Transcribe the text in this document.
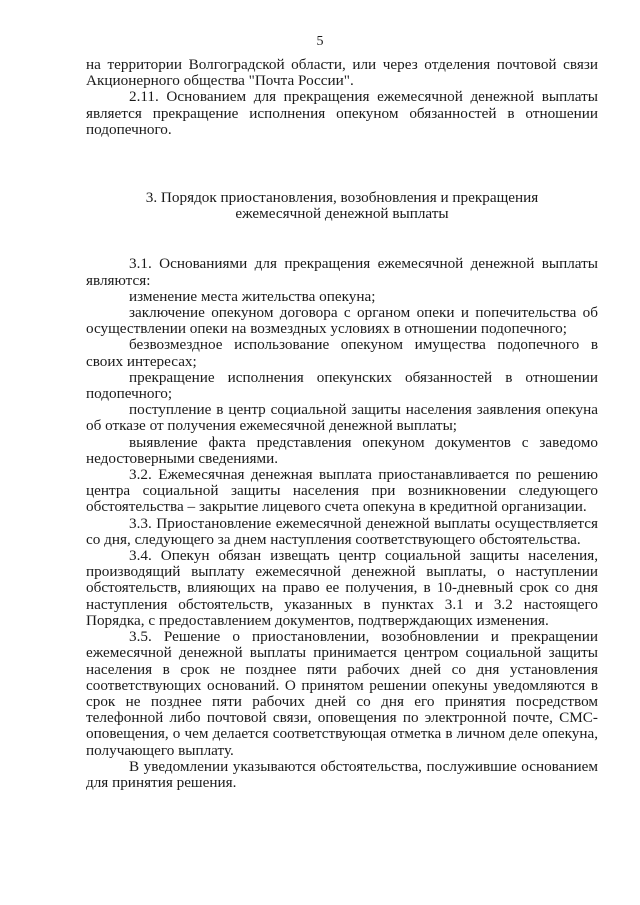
5

на территории Волгоградской области, или через отделения почтовой связи Акционерного общества "Почта России".

2.11. Основанием для прекращения ежемесячной денежной выплаты является прекращение исполнения опекуном обязанностей в отношении подопечного.

3. Порядок приостановления, возобновления и прекращения
ежемесячной денежной выплаты

3.1. Основаниями для прекращения ежемесячной денежной выплаты являются:

изменение места жительства опекуна;

заключение опекуном договора с органом опеки и попечительства об осуществлении опеки на возмездных условиях в отношении подопечного;

безвозмездное использование опекуном имущества подопечного в своих интересах;

прекращение исполнения опекунских обязанностей в отношении подопечного;

поступление в центр социальной защиты населения заявления опекуна об отказе от получения ежемесячной денежной выплаты;

выявление факта представления опекуном документов с заведомо недостоверными сведениями.

3.2. Ежемесячная денежная выплата приостанавливается по решению центра социальной защиты населения при возникновении следующего обстоятельства – закрытие лицевого счета опекуна в кредитной организации.

3.3. Приостановление ежемесячной денежной выплаты осуществляется со дня, следующего за днем наступления соответствующего обстоятельства.

3.4. Опекун обязан извещать центр социальной защиты населения, производящий выплату ежемесячной денежной выплаты, о наступлении обстоятельств, влияющих на право ее получения, в 10-дневный срок со дня наступления обстоятельств, указанных в пунктах 3.1 и 3.2 настоящего Порядка, с предоставлением документов, подтверждающих изменения.

3.5. Решение о приостановлении, возобновлении и прекращении ежемесячной денежной выплаты принимается центром социальной защиты населения в срок не позднее пяти рабочих дней со дня установления соответствующих оснований. О принятом решении опекуны уведомляются в срок не позднее пяти рабочих дней со дня его принятия посредством телефонной либо почтовой связи, оповещения по электронной почте, СМС-оповещения, о чем делается соответствующая отметка в личном деле опекуна, получающего выплату.

В уведомлении указываются обстоятельства, послужившие основанием для принятия решения.
